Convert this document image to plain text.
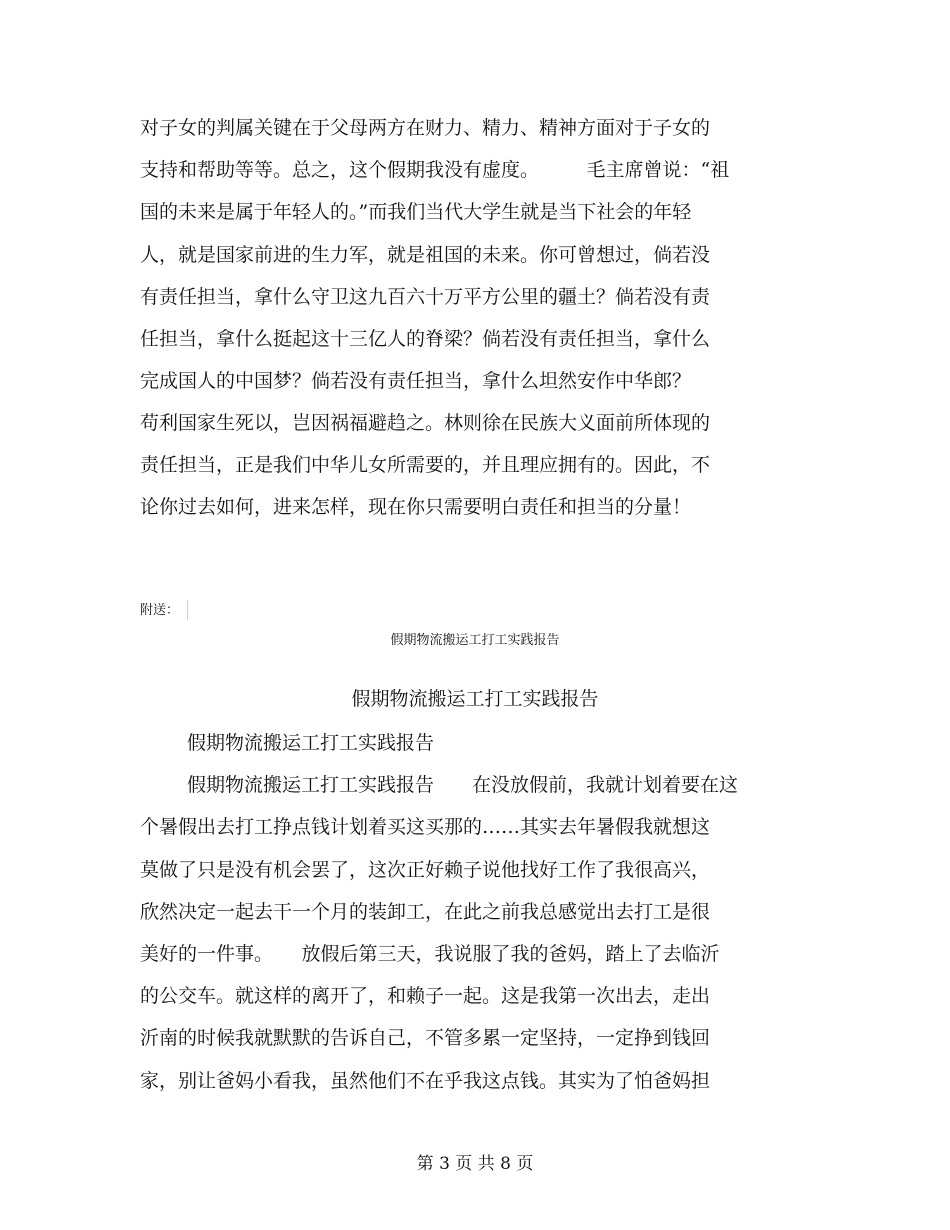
对子女的判属关键在于父母两方在财力、精力、精神方面对于子女的
支持和帮助等等。总之，这个假期我没有虚度。　　　毛主席曾说：“祖
国的未来是属于年轻人的。”而我们当代大学生就是当下社会的年轻
人，就是国家前进的生力军，就是祖国的未来。你可曾想过，倘若没
有责任担当，拿什么守卫这九百六十万平方公里的疆土？倘若没有责
任担当，拿什么挺起这十三亿人的脊梁？倘若没有责任担当，拿什么
完成国人的中国梦？倘若没有责任担当，拿什么坦然安作中华郎？
苟利国家生死以，岂因祸福避趋之。林则徐在民族大义面前所体现的
责任担当，正是我们中华儿女所需要的，并且理应拥有的。因此，不
论你过去如何，进来怎样，现在你只需要明白责任和担当的分量！
附送：
假期物流搬运工打工实践报告
假期物流搬运工打工实践报告
假期物流搬运工打工实践报告
假期物流搬运工打工实践报告　　在没放假前，我就计划着要在这
个暑假出去打工挣点钱计划着买这买那的……其实去年暑假我就想这
莫做了只是没有机会罢了，这次正好赖子说他找好工作了我很高兴，
欣然决定一起去干一个月的装卸工，在此之前我总感觉出去打工是很
美好的一件事。　　放假后第三天，我说服了我的爸妈，踏上了去临沂
的公交车。就这样的离开了，和赖子一起。这是我第一次出去，走出
沂南的时候我就默默的告诉自己，不管多累一定坚持，一定挣到钱回
家，别让爸妈小看我，虽然他们不在乎我这点钱。其实为了怕爸妈担
第 3 页 共 8 页
